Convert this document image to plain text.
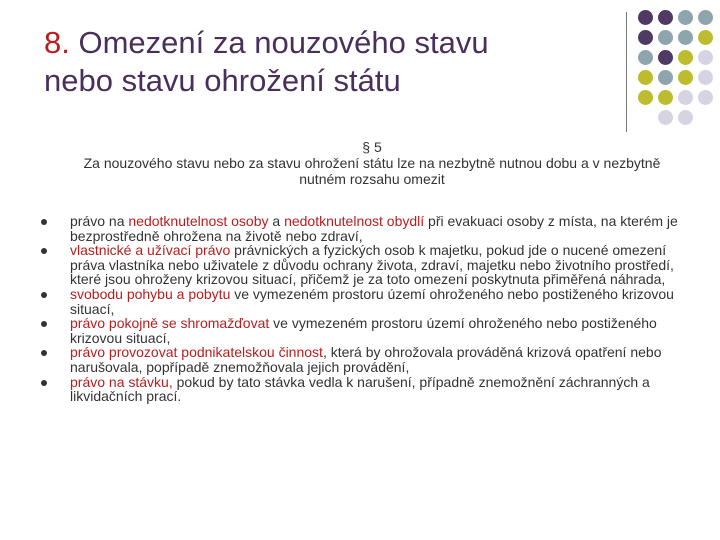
8. Omezení za nouzového stavu
nebo stavu ohrožení státu
§ 5
Za nouzového stavu nebo za stavu ohrožení státu lze na nezbytně nutnou dobu a v nezbytně nutném rozsahu omezit
právo na nedotknutelnost osoby a nedotknutelnost obydlí při evakuaci osoby z místa, na kterém je bezprostředně ohrožena na životě nebo zdraví,
vlastnické a užívací právo právnických a fyzických osob k majetku, pokud jde o nucené omezení práva vlastníka nebo uživatele z důvodu ochrany života, zdraví, majetku nebo životního prostředí, které jsou ohroženy krizovou situací, přičemž je za toto omezení poskytnuta přiměřená náhrada,
svobodu pohybu a pobytu ve vymezeném prostoru území ohroženého nebo postiženého krizovou situací,
právo pokojně se shromažďovat ve vymezeném prostoru území ohroženého nebo postiženého krizovou situací,
právo provozovat podnikatelskou činnost, která by ohrožovala prováděná krizová opatření nebo narušovala, popřípadě znemožňovala jejich provádění,
právo na stávku, pokud by tato stávka vedla k narušení, případně znemožnění záchranných a likvidačních prací.
